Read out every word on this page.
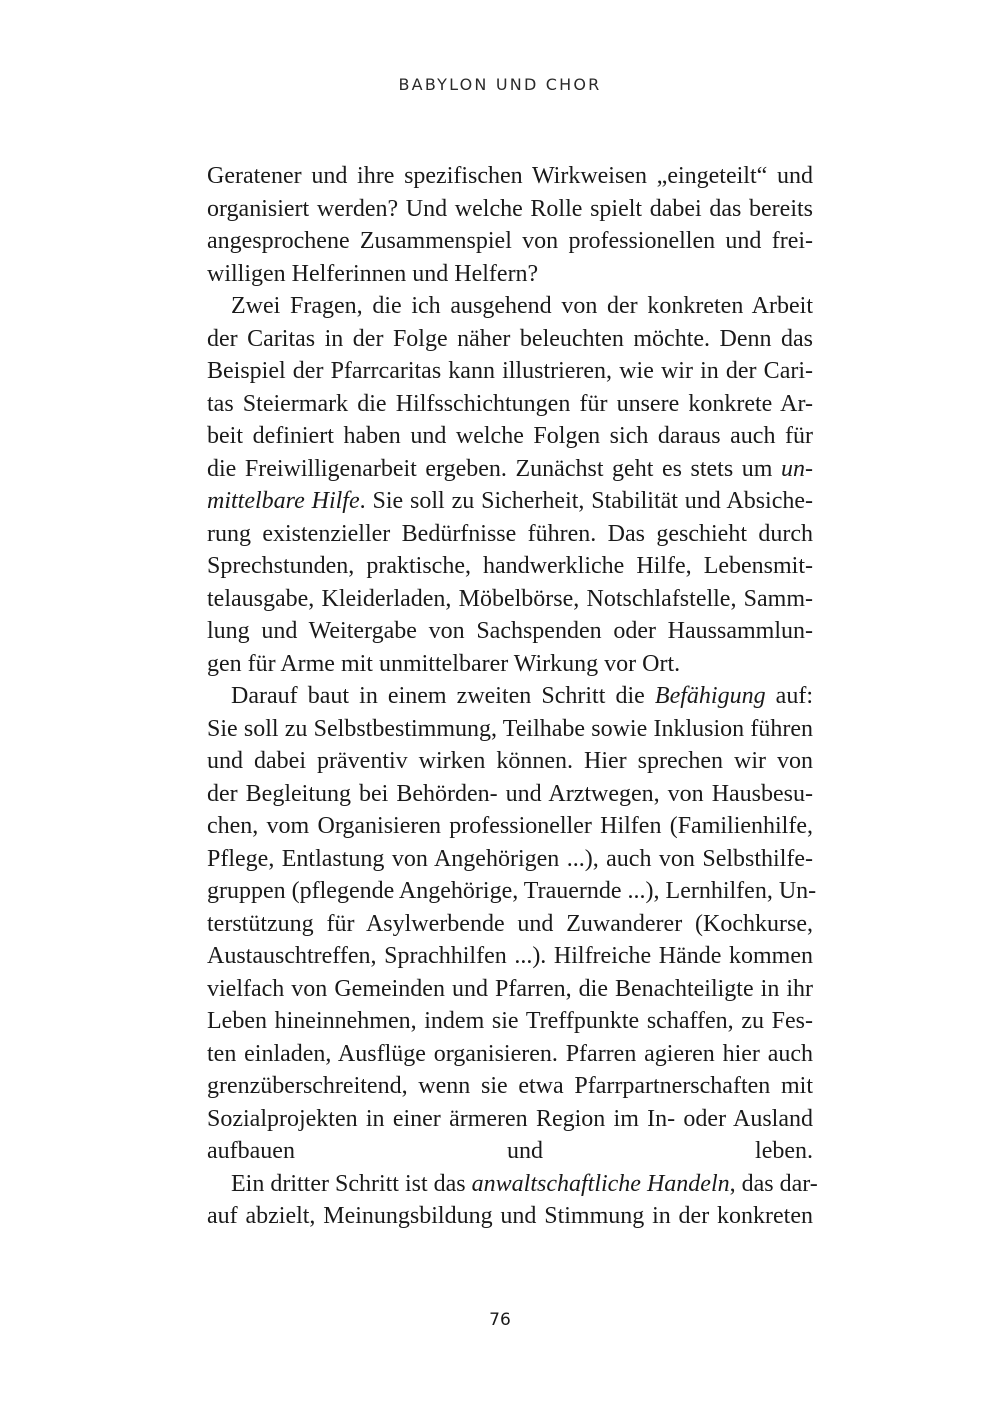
BABYLON UND CHOR

Geratener und ihre spezifischen Wirkweisen „eingeteilt“ und
organisiert werden? Und welche Rolle spielt dabei das bereits
angesprochene Zusammenspiel von professionellen und frei-
willigen Helferinnen und Helfern?

Zwei Fragen, die ich ausgehend von der konkreten Arbeit
der Caritas in der Folge näher beleuchten möchte. Denn das
Beispiel der Pfarrcaritas kann illustrieren, wie wir in der Cari-
tas Steiermark die Hilfsschichtungen für unsere konkrete Ar-
beit definiert haben und welche Folgen sich daraus auch für
die Freiwilligenarbeit ergeben. Zunächst geht es stets um un-
mittelbare Hilfe. Sie soll zu Sicherheit, Stabilität und Absiche-
rung existenzieller Bedürfnisse führen. Das geschieht durch
Sprechstunden, praktische, handwerkliche Hilfe, Lebensmit-
telausgabe, Kleiderladen, Möbelbörse, Notschlafstelle, Samm-
lung und Weitergabe von Sachspenden oder Haussammlun-
gen für Arme mit unmittelbarer Wirkung vor Ort.

Darauf baut in einem zweiten Schritt die Befähigung auf:
Sie soll zu Selbstbestimmung, Teilhabe sowie Inklusion führen
und dabei präventiv wirken können. Hier sprechen wir von
der Begleitung bei Behörden- und Arztwegen, von Hausbesu-
chen, vom Organisieren professioneller Hilfen (Familienhilfe,
Pflege, Entlastung von Angehörigen ...), auch von Selbsthilfe-
gruppen (pflegende Angehörige, Trauernde ...), Lernhilfen, Un-
terstützung für Asylwerbende und Zuwanderer (Kochkurse,
Austauschtreffen, Sprachhilfen ...). Hilfreiche Hände kommen
vielfach von Gemeinden und Pfarren, die Benachteiligte in ihr
Leben hineinnehmen, indem sie Treffpunkte schaffen, zu Fes-
ten einladen, Ausflüge organisieren. Pfarren agieren hier auch
grenzüberschreitend, wenn sie etwa Pfarrpartnerschaften mit
Sozialprojekten in einer ärmeren Region im In- oder Ausland
aufbauen und leben.

Ein dritter Schritt ist das anwaltschaftliche Handeln, das dar-
auf abzielt, Meinungsbildung und Stimmung in der konkreten

76
